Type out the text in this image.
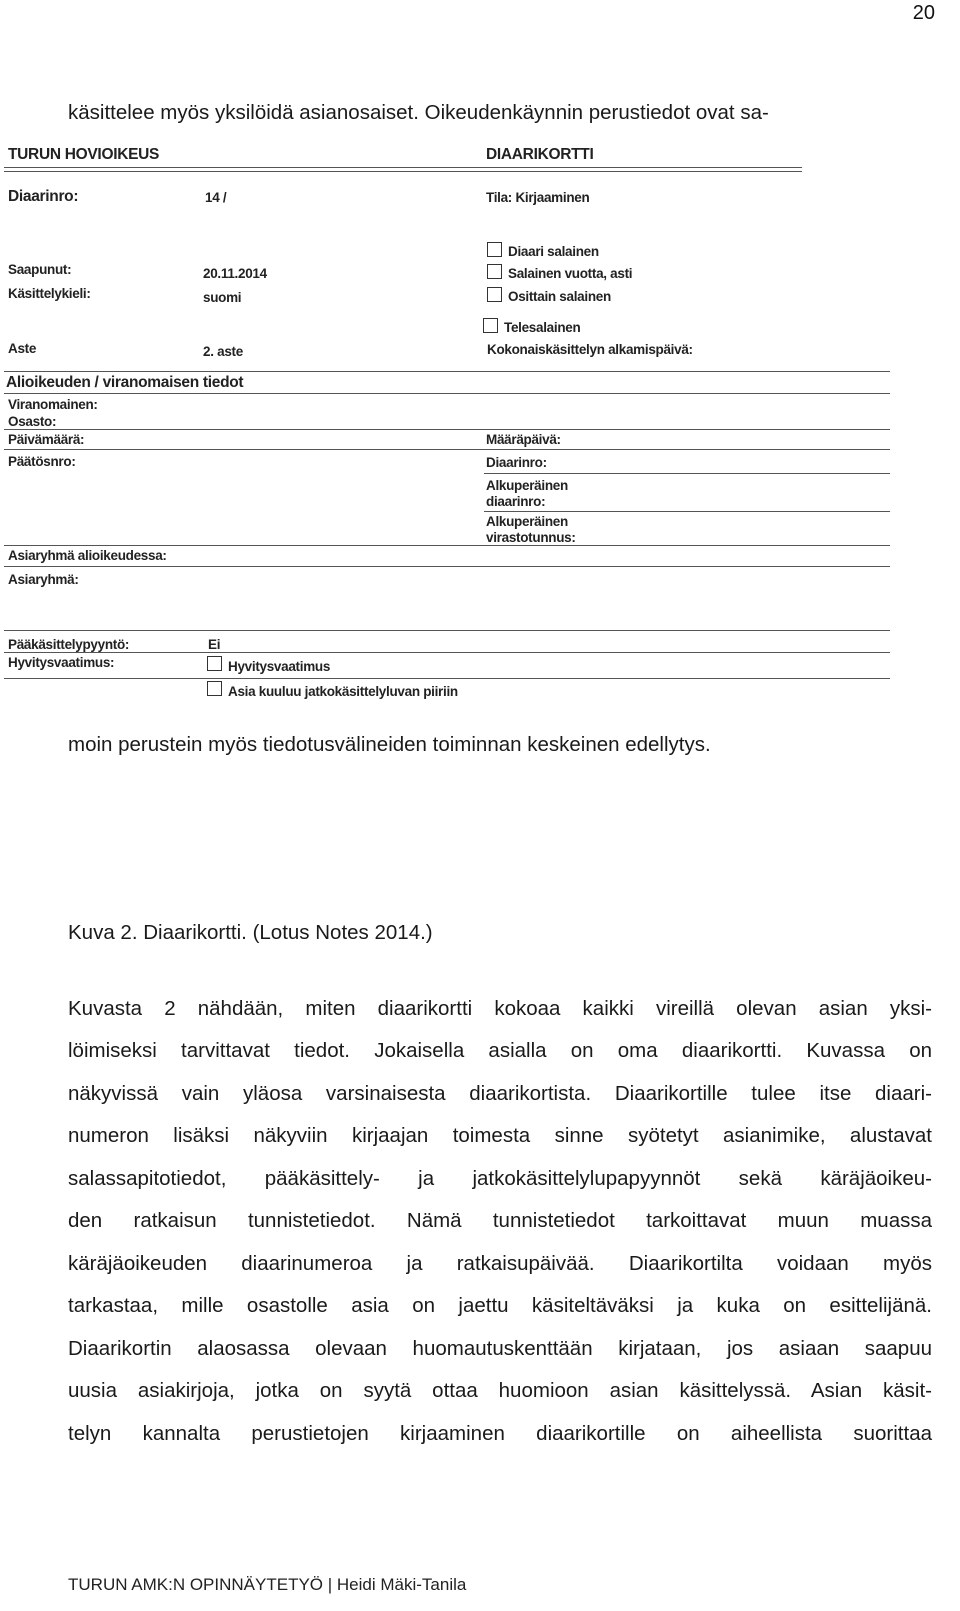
20
käsittelee myös yksilöidä asianosaiset. Oikeudenkäynnin perustiedot ovat sa-
TURUN HOVIOIKEUS	DIAARIKORTTI
Diaarinro:	14 /	Tila: Kirjaaminen
Diaari salainen
Salainen vuotta, asti
Osittain salainen
Telesalainen
Saapunut:	20.11.2014
Käsittelykieli:	suomi
Aste	2. aste	Kokonaiskäsittelyn alkamispäivä:
Alioikeuden / viranomaisen tiedot
Viranomainen:
Osasto:
Päivämäärä:	Määräpäivä:
Päätösnro:	Diaarinro:
Alkuperäinen
diaarinro:
Alkuperäinen
virastotunnus:
Asiaryhmä alioikeudessa:
Asiaryhmä:
Pääkäsittelypyyntö:	Ei
Hyvitysvaatimus:	Hyvitysvaatimus
Asia kuuluu jatkokäsittelyluvan piiriin
moin perustein myös tiedotusvälineiden toiminnan keskeinen edellytys.
Kuva 2. Diaarikortti. (Lotus Notes 2014.)
Kuvasta 2 nähdään, miten diaarikortti kokoaa kaikki vireillä olevan asian yksi-
löimiseksi tarvittavat tiedot. Jokaisella asialla on oma diaarikortti. Kuvassa on
näkyvissä vain yläosa varsinaisesta diaarikortista. Diaarikortille tulee itse diaari-
numeron lisäksi näkyviin kirjaajan toimesta sinne syötetyt asianimike, alustavat
salassapitotiedot, pääkäsittely- ja jatkokäsittelylupapyynnöt sekä käräjäoikeu-
den ratkaisun tunnistetiedot. Nämä tunnistetiedot tarkoittavat muun muassa
käräjäoikeuden diaarinumeroa ja ratkaisupäivää. Diaarikortilta voidaan myös
tarkastaa, mille osastolle asia on jaettu käsiteltäväksi ja kuka on esittelijänä.
Diaarikortin alaosassa olevaan huomautuskenttään kirjataan, jos asiaan saapuu
uusia asiakirjoja, jotka on syytä ottaa huomioon asian käsittelyssä. Asian käsit-
telyn kannalta perustietojen kirjaaminen diaarikortille on aiheellista suorittaa
TURUN AMK:N OPINNÄYTETYÖ | Heidi Mäki-Tanila
